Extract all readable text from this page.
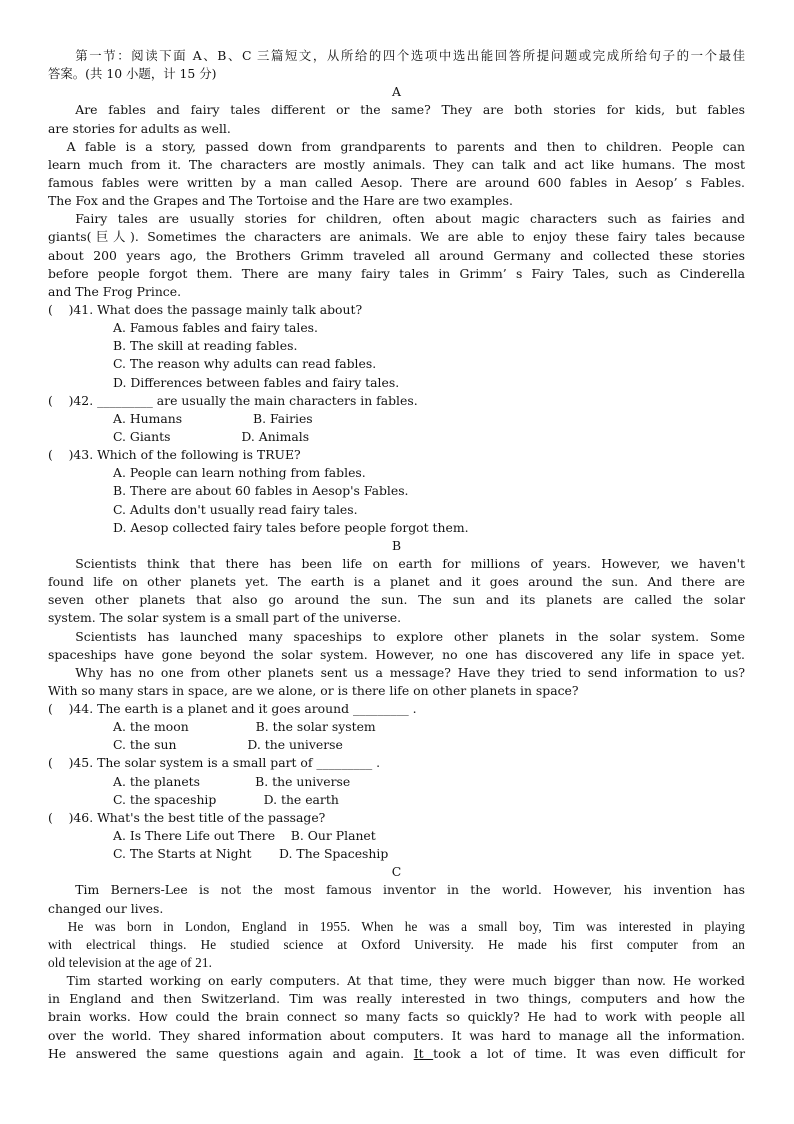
第一节：阅读下面 A、B、C 三篇短文，从所给的四个选项中选出能回答所提问题或完成所给句子的一个最佳
答案。(共 10 小题，计 15 分)
A
Are fables and fairy tales different or the same? They are both stories for kids, but fables
are stories for adults as well.
A fable is a story, passed down from grandparents to parents and then to children. People can
learn much from it. The characters are mostly animals. They can talk and act like humans. The most
famous fables were written by a man called Aesop. There are around 600 fables in Aesop’ s Fables.
The Fox and the Grapes and The Tortoise and the Hare are two examples.
Fairy tales are usually stories for children, often about magic characters such as fairies and
giants(巨人). Sometimes the characters are animals. We are able to enjoy these fairy tales because
about 200 years ago, the Brothers Grimm traveled all around Germany and collected these stories
before people forgot them. There are many fairy tales in Grimm’ s Fairy Tales, such as Cinderella
and The Frog Prince.
(    )41. What does the passage mainly talk about?
A. Famous fables and fairy tales.
B. The skill at reading fables.
C. The reason why adults can read fables.
D. Differences between fables and fairy tales.
(    )42. _________ are usually the main characters in fables.
A. Humans                  B. Fairies
C. Giants                  D. Animals
(    )43. Which of the following is TRUE?
A. People can learn nothing from fables.
B. There are about 60 fables in Aesop's Fables.
C. Adults don't usually read fairy tales.
D. Aesop collected fairy tales before people forgot them.
B
Scientists think that there has been life on earth for millions of years. However, we haven't
found life on other planets yet. The earth is a planet and it goes around the sun. And there are
seven other planets that also go around the sun. The sun and its planets are called the solar
system. The solar system is a small part of the universe.
Scientists has launched many spaceships to explore other planets in the solar system. Some
spaceships have gone beyond the solar system. However, no one has discovered any life in space yet.
Why has no one from other planets sent us a message? Have they tried to send information to us?
With so many stars in space, are we alone, or is there life on other planets in space?
(    )44. The earth is a planet and it goes around _________ .
A. the moon                 B. the solar system
C. the sun                  D. the universe
(    )45. The solar system is a small part of _________ .
A. the planets              B. the universe
C. the spaceship            D. the earth
(    )46. What's the best title of the passage?
A. Is There Life out There    B. Our Planet
C. The Starts at Night       D. The Spaceship
C
Tim Berners-Lee is not the most famous inventor in the world. However, his invention has
changed our lives.
He was born in London, England in 1955. When he was a small boy, Tim was interested in playing
with electrical things. He studied science at Oxford University. He made his first computer from an
old television at the age of 21.
Tim started working on early computers. At that time, they were much bigger than now. He worked
in England and then Switzerland. Tim was really interested in two things, computers and how the
brain works. How could the brain connect so many facts so quickly? He had to work with people all
over the world. They shared information about computers. It was hard to manage all the information.
He answered the same questions again and again. It took a lot of time. It was even difficult for
